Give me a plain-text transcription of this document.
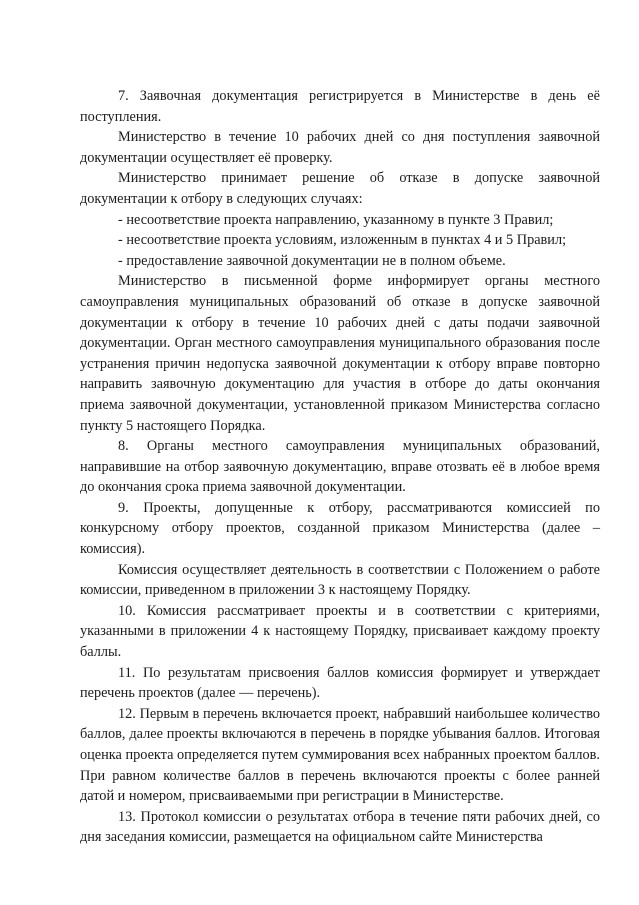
7. Заявочная документация регистрируется в Министерстве в день её поступления.

Министерство в течение 10 рабочих дней со дня поступления заявочной документации осуществляет её проверку.

Министерство принимает решение об отказе в допуске заявочной документации к отбору в следующих случаях:

- несоответствие проекта направлению, указанному в пункте 3 Правил;

- несоответствие проекта условиям, изложенным в пунктах 4 и 5 Правил;

- предоставление заявочной документации не в полном объеме.

Министерство в письменной форме информирует органы местного самоуправления муниципальных образований об отказе в допуске заявочной документации к отбору в течение 10 рабочих дней с даты подачи заявочной документации. Орган местного самоуправления муниципального образования после устранения причин недопуска заявочной документации к отбору вправе повторно направить заявочную документацию для участия в отборе до даты окончания приема заявочной документации, установленной приказом Министерства согласно пункту 5 настоящего Порядка.

8. Органы местного самоуправления муниципальных образований, направившие на отбор заявочную документацию, вправе отозвать её в любое время до окончания срока приема заявочной документации.

9. Проекты, допущенные к отбору, рассматриваются комиссией по конкурсному отбору проектов, созданной приказом Министерства (далее – комиссия).

Комиссия осуществляет деятельность в соответствии с Положением о работе комиссии, приведенном в приложении 3 к настоящему Порядку.

10. Комиссия рассматривает проекты и в соответствии с критериями, указанными в приложении 4 к настоящему Порядку, присваивает каждому проекту баллы.

11. По результатам присвоения баллов комиссия формирует и утверждает перечень проектов (далее — перечень).

12. Первым в перечень включается проект, набравший наибольшее количество баллов, далее проекты включаются в перечень в порядке убывания баллов. Итоговая оценка проекта определяется путем суммирования всех набранных проектом баллов. При равном количестве баллов в перечень включаются проекты с более ранней датой и номером, присваиваемыми при регистрации в Министерстве.

13. Протокол комиссии о результатах отбора в течение пяти рабочих дней, со дня заседания комиссии, размещается на официальном сайте Министерства
